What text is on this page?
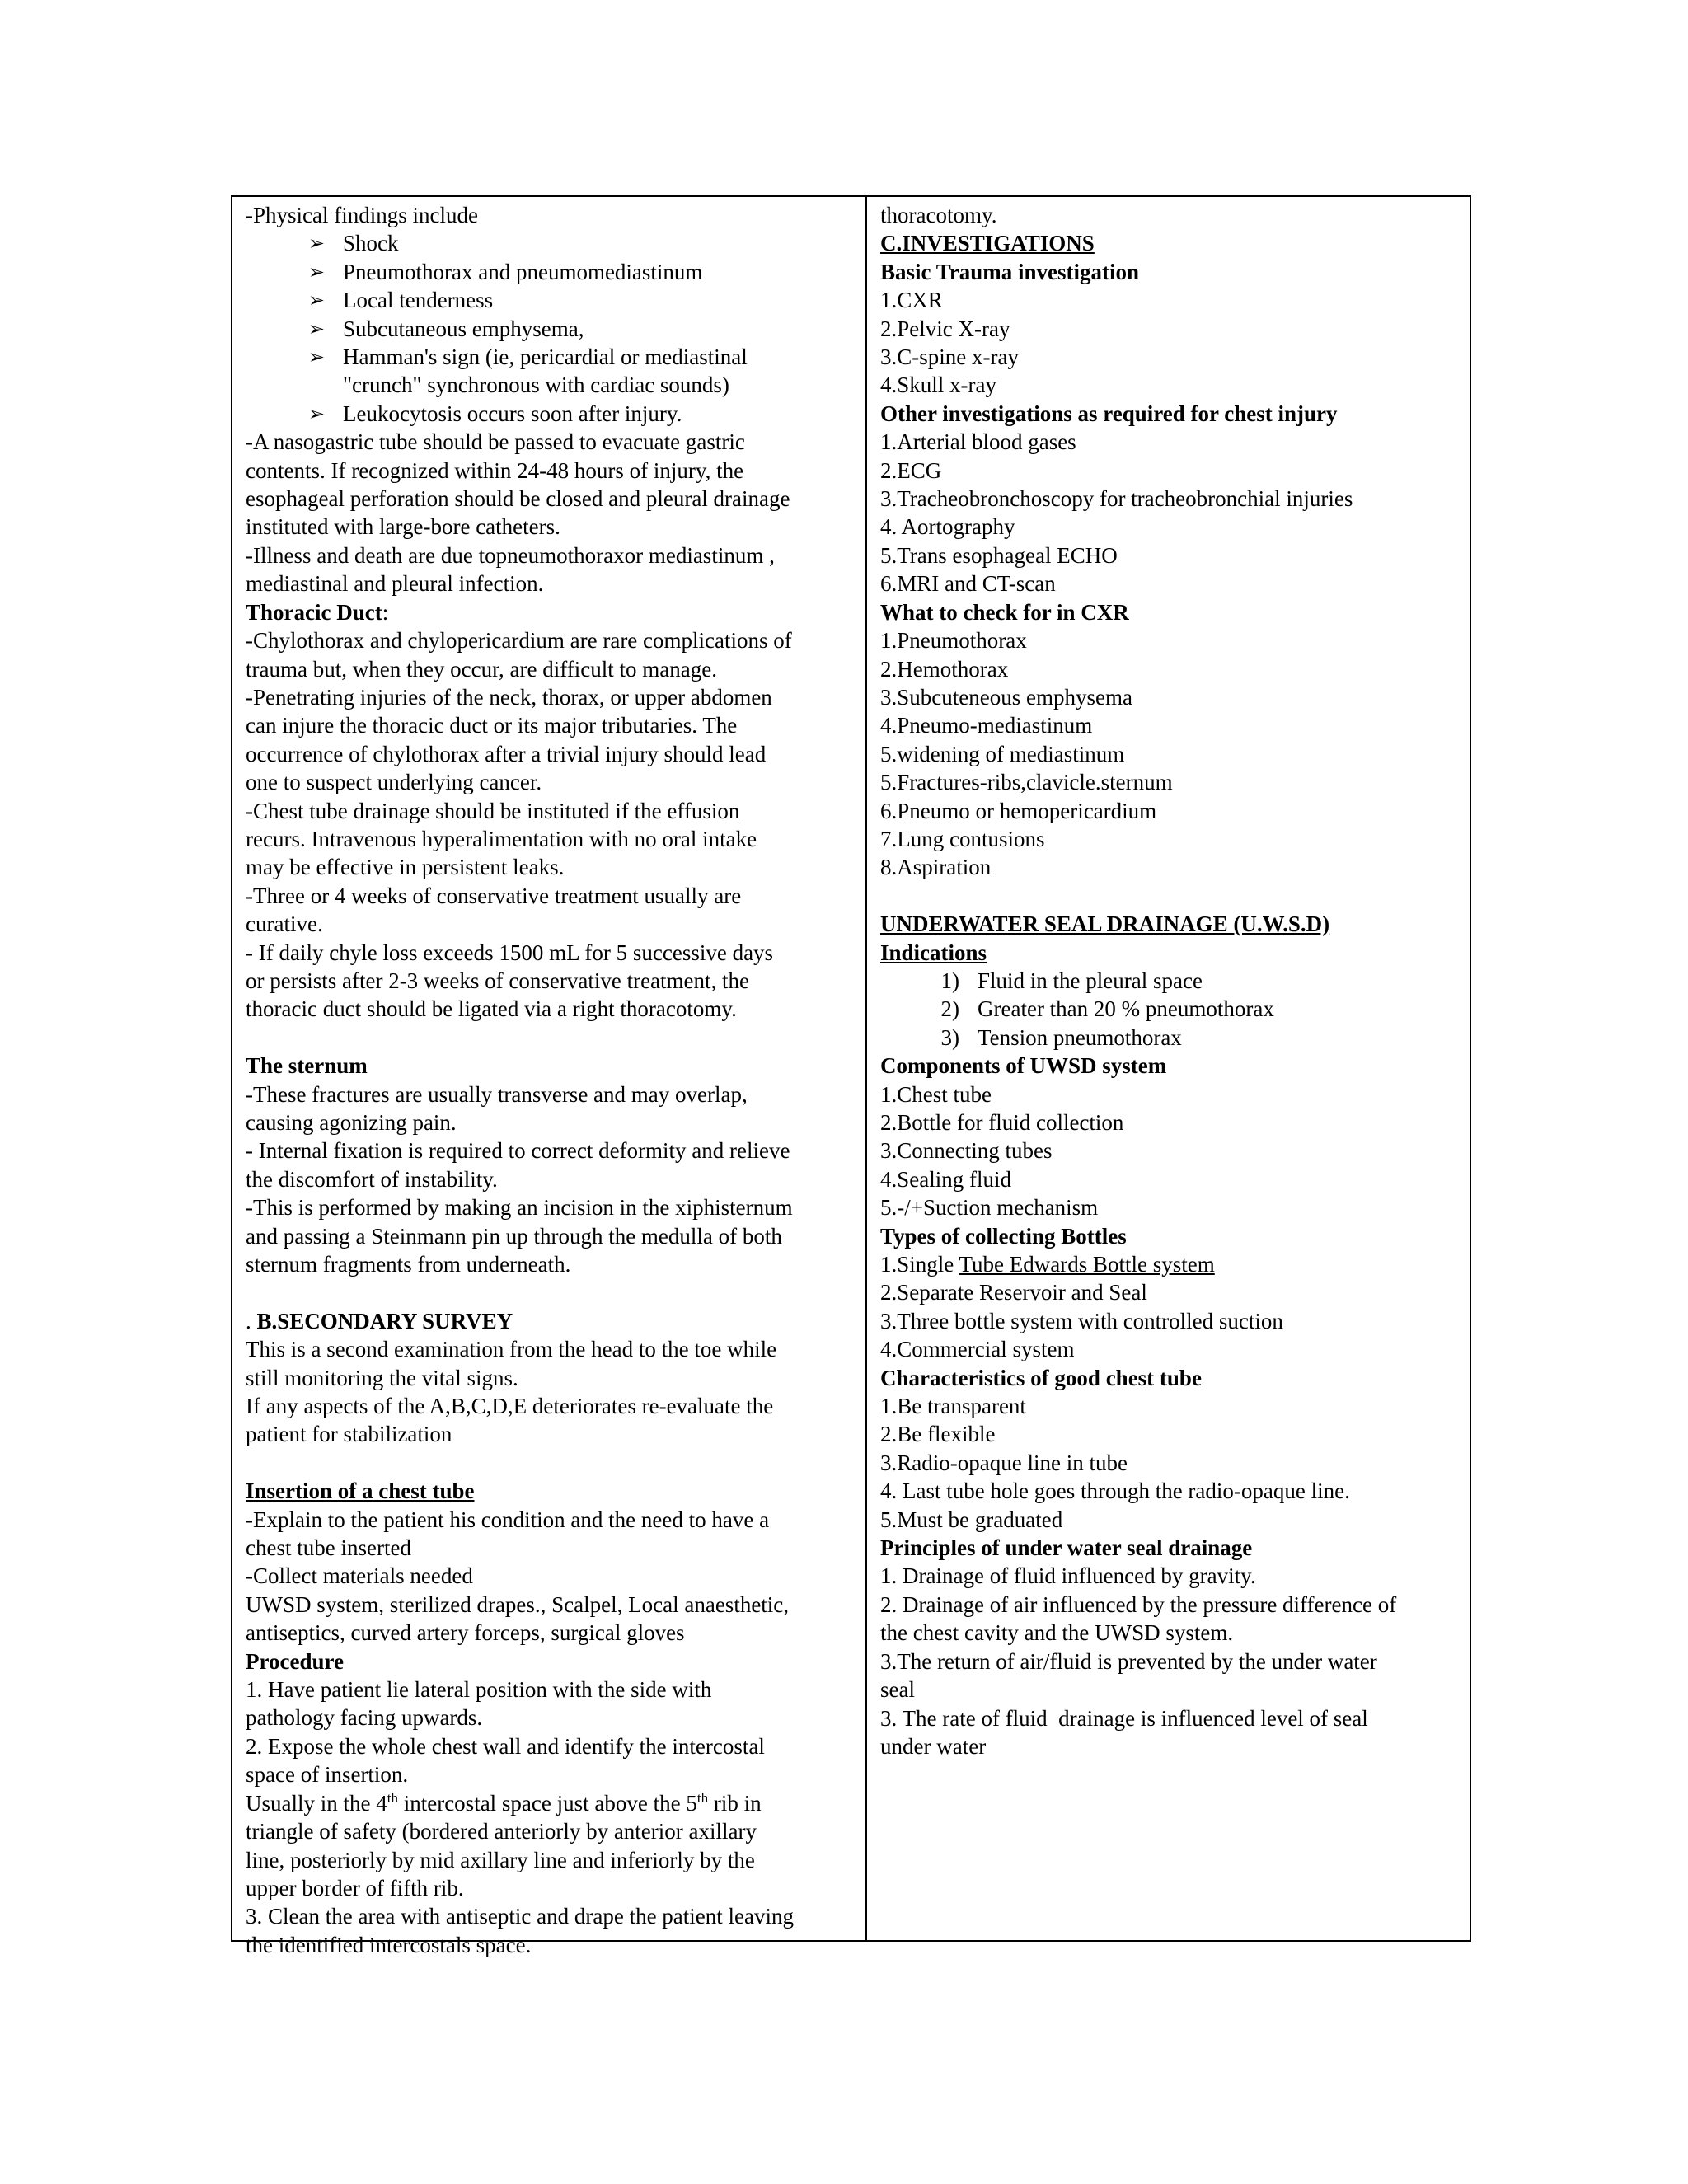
-Physical findings include
➢ Shock
➢ Pneumothorax and pneumomediastinum
➢ Local tenderness
➢ Subcutaneous emphysema,
➢ Hamman's sign (ie, pericardial or mediastinal
"crunch" synchronous with cardiac sounds)
➢ Leukocytosis occurs soon after injury.
-A nasogastric tube should be passed to evacuate gastric
contents. If recognized within 24-48 hours of injury, the
esophageal perforation should be closed and pleural drainage
instituted with large-bore catheters.
-Illness and death are due topneumothoraxor mediastinum ,
mediastinal and pleural infection.
Thoracic Duct:
-Chylothorax and chylopericardium are rare complications of
trauma but, when they occur, are difficult to manage.
-Penetrating injuries of the neck, thorax, or upper abdomen
can injure the thoracic duct or its major tributaries. The
occurrence of chylothorax after a trivial injury should lead
one to suspect underlying cancer.
-Chest tube drainage should be instituted if the effusion
recurs. Intravenous hyperalimentation with no oral intake
may be effective in persistent leaks.
-Three or 4 weeks of conservative treatment usually are
curative.
- If daily chyle loss exceeds 1500 mL for 5 successive days
or persists after 2-3 weeks of conservative treatment, the
thoracic duct should be ligated via a right thoracotomy.
The sternum
-These fractures are usually transverse and may overlap,
causing agonizing pain.
- Internal fixation is required to correct deformity and relieve
the discomfort of instability.
-This is performed by making an incision in the xiphisternum
and passing a Steinmann pin up through the medulla of both
sternum fragments from underneath.
. B.SECONDARY SURVEY
This is a second examination from the head to the toe while
still monitoring the vital signs.
If any aspects of the A,B,C,D,E deteriorates re-evaluate the
patient for stabilization
Insertion of a chest tube
-Explain to the patient his condition and the need to have a
chest tube inserted
-Collect materials needed
UWSD system, sterilized drapes., Scalpel, Local anaesthetic,
antiseptics, curved artery forceps, surgical gloves
Procedure
1. Have patient lie lateral position with the side with
pathology facing upwards.
2. Expose the whole chest wall and identify the intercostal
space of insertion.
Usually in the 4th intercostal space just above the 5th rib in
triangle of safety (bordered anteriorly by anterior axillary
line, posteriorly by mid axillary line and inferiorly by the
upper border of fifth rib.
3. Clean the area with antiseptic and drape the patient leaving
the identified intercostals space.
thoracotomy.
C.INVESTIGATIONS
Basic Trauma investigation
1.CXR
2.Pelvic X-ray
3.C-spine x-ray
4.Skull x-ray
Other investigations as required for chest injury
1.Arterial blood gases
2.ECG
3.Tracheobronchoscopy for tracheobronchial injuries
4. Aortography
5.Trans esophageal ECHO
6.MRI and CT-scan
What to check for in CXR
1.Pneumothorax
2.Hemothorax
3.Subcuteneous emphysema
4.Pneumo-mediastinum
5.widening of mediastinum
5.Fractures-ribs,clavicle.sternum
6.Pneumo or hemopericardium
7.Lung contusions
8.Aspiration
UNDERWATER SEAL DRAINAGE (U.W.S.D)
Indications
1) Fluid in the pleural space
2) Greater than 20 % pneumothorax
3) Tension pneumothorax
Components of UWSD system
1.Chest tube
2.Bottle for fluid collection
3.Connecting tubes
4.Sealing fluid
5.-/+Suction mechanism
Types of collecting Bottles
1.Single Tube Edwards Bottle system
2.Separate Reservoir and Seal
3.Three bottle system with controlled suction
4.Commercial system
Characteristics of good chest tube
1.Be transparent
2.Be flexible
3.Radio-opaque line in tube
4. Last tube hole goes through the radio-opaque line.
5.Must be graduated
Principles of under water seal drainage
1. Drainage of fluid influenced by gravity.
2. Drainage of air influenced by the pressure difference of
the chest cavity and the UWSD system.
3.The return of air/fluid is prevented by the under water
seal
3. The rate of fluid  drainage is influenced level of seal
under water
